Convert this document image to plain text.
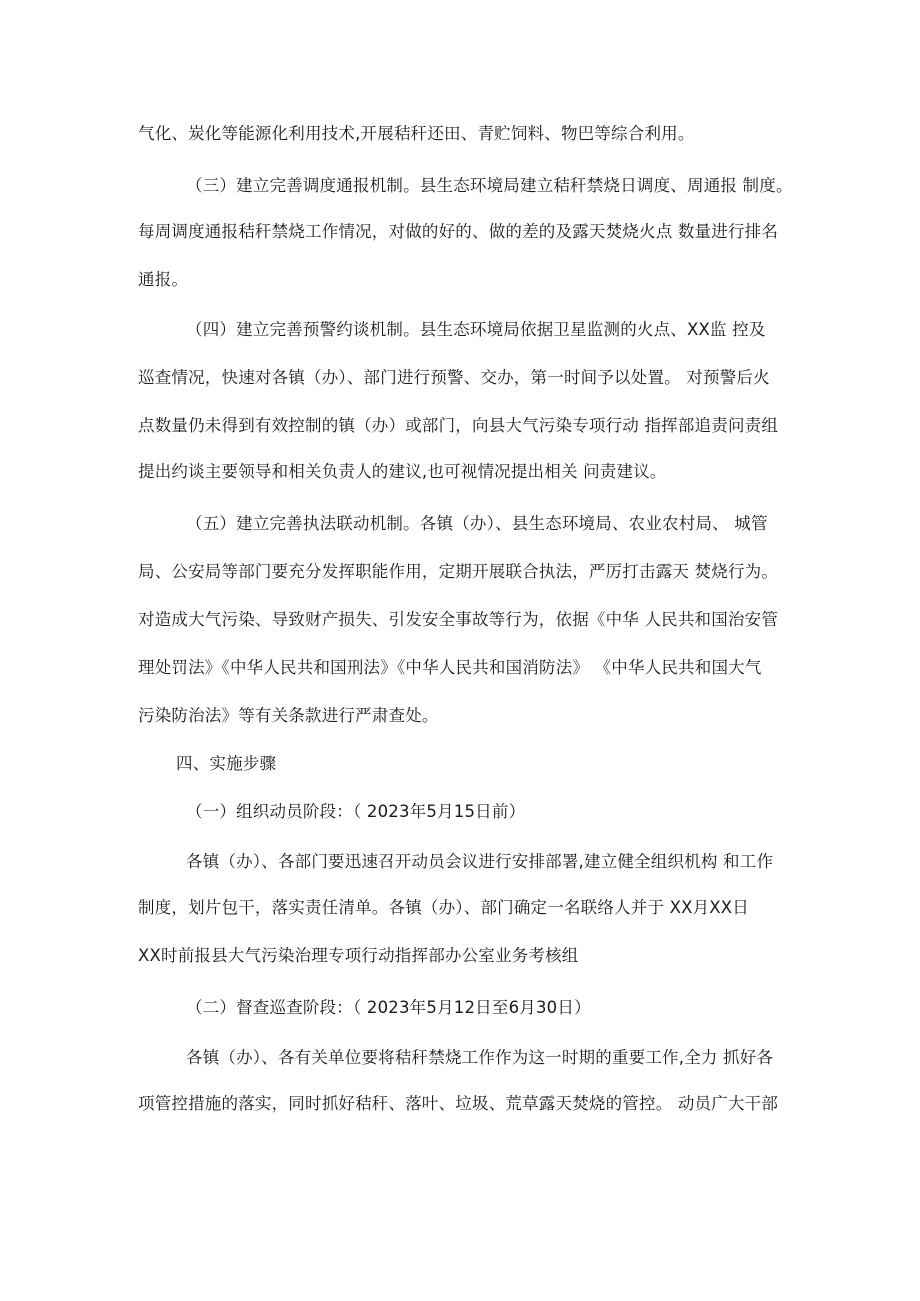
气化、炭化等能源化利用技术,开展秸秆还田、青贮饲料、物巴等综合利用。
（三）建立完善调度通报机制。县生态环境局建立秸秆禁烧日调度、周通报 制度。
每周调度通报秸秆禁烧工作情况，对做的好的、做的差的及露天焚烧火点 数量进行排名
通报。
（四）建立完善预警约谈机制。县生态环境局依据卫星监测的火点、XX监 控及
巡查情况，快速对各镇（办）、部门进行预警、交办，第一时间予以处置。 对预警后火
点数量仍未得到有效控制的镇（办）或部门，向县大气污染专项行动 指挥部追责问责组
提出约谈主要领导和相关负责人的建议,也可视情况提出相关 问责建议。
（五）建立完善执法联动机制。各镇（办）、县生态环境局、农业农村局、 城管
局、公安局等部门要充分发挥职能作用，定期开展联合执法，严厉打击露天 焚烧行为。
对造成大气污染、导致财产损失、引发安全事故等行为，依据《中华 人民共和国治安管
理处罚法》《中华人民共和国刑法》《中华人民共和国消防法》 《中华人民共和国大气
污染防治法》等有关条款进行严肃查处。
四、实施步骤
（一）组织动员阶段：（ 2023年5月15日前）
各镇（办）、各部门要迅速召开动员会议进行安排部署,建立健全组织机构 和工作
制度，划片包干，落实责任清单。各镇（办）、部门确定一名联络人并于 XX月XX日
XX时前报县大气污染治理专项行动指挥部办公室业务考核组
（二）督查巡查阶段：（ 2023年5月12日至6月30日）
各镇（办）、各有关单位要将秸秆禁烧工作作为这一时期的重要工作,全力 抓好各
项管控措施的落实，同时抓好秸秆、落叶、垃圾、荒草露天焚烧的管控。 动员广大干部
